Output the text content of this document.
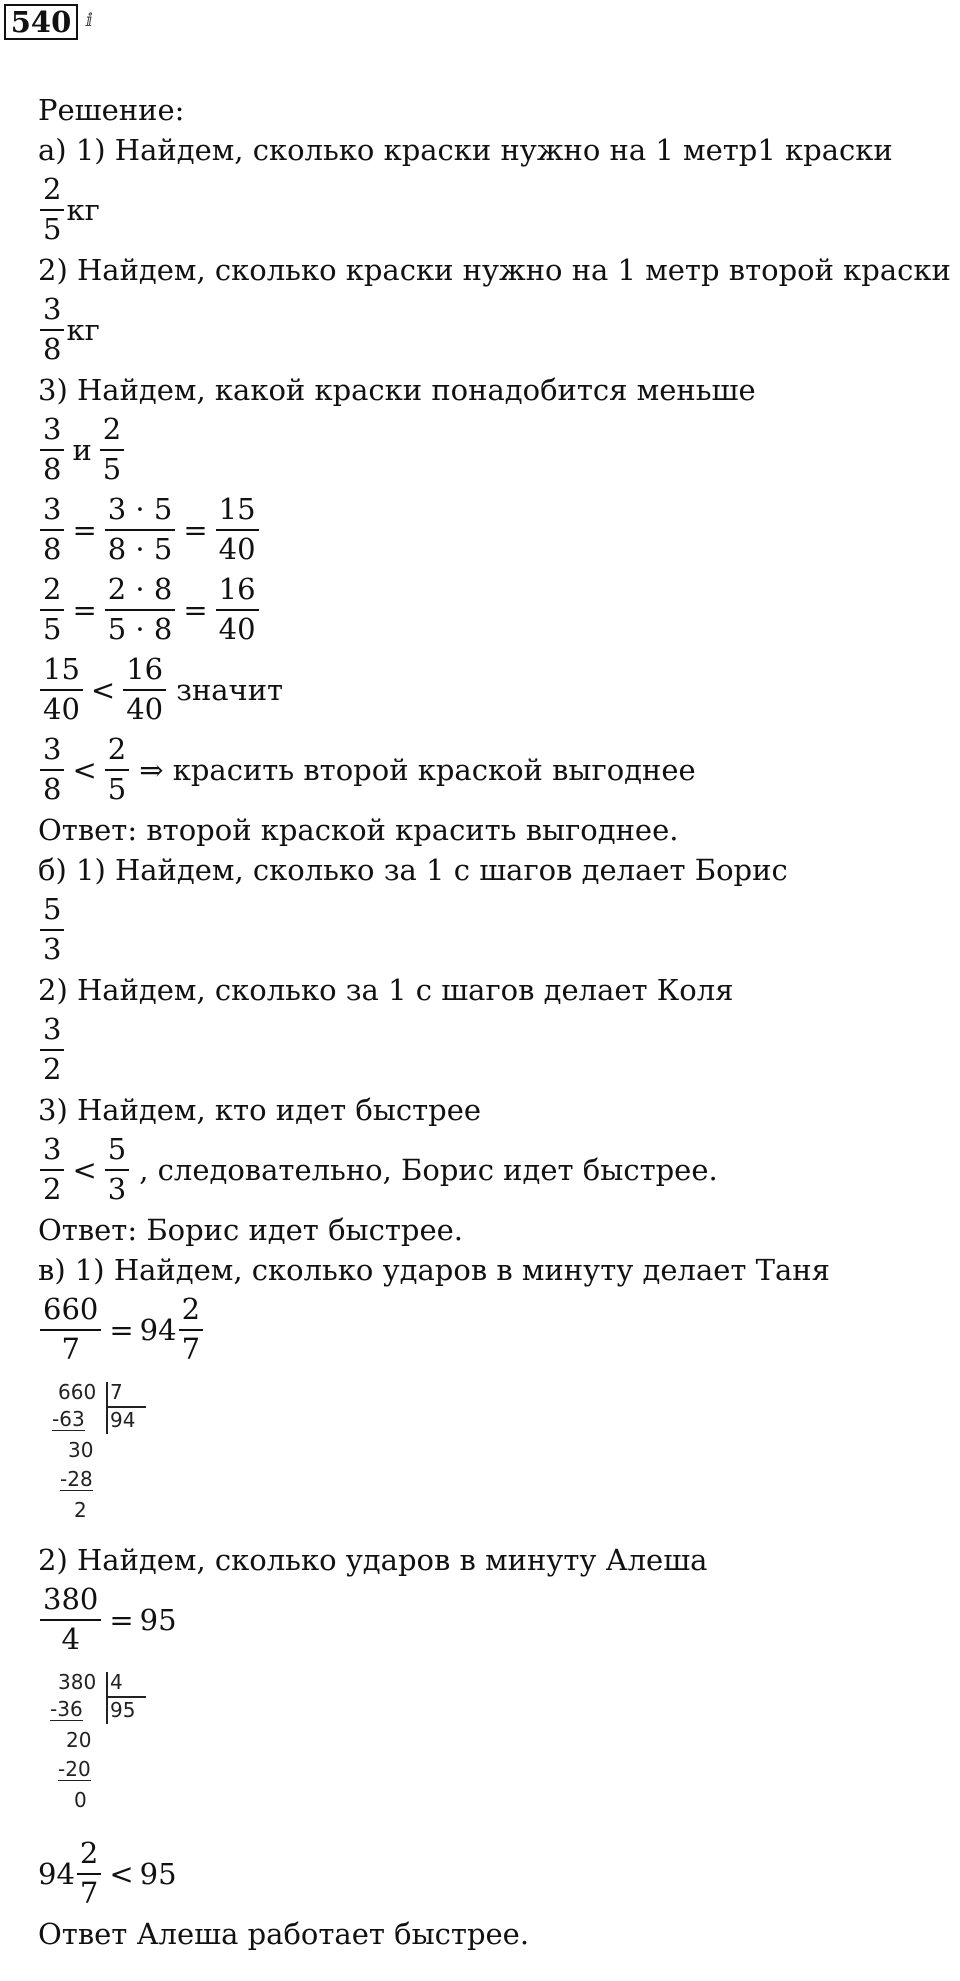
540 ⅈ
Решение:
а) 1) Найдем, сколько краски нужно на 1 метр1 краски
$\frac{2}{5}$ кг
2) Найдем, сколько краски нужно на 1 метр второй краски
$\frac{3}{8}$ кг
3) Найдем, какой краски понадобится меньше
$\frac{3}{8}$ и $\frac{2}{5}$
$\frac{3}{8} = \frac{3 \cdot 5}{8 \cdot 5} = \frac{15}{40}$
$\frac{2}{5} = \frac{2 \cdot 8}{5 \cdot 8} = \frac{16}{40}$
$\frac{15}{40} < \frac{16}{40}$ значит
$\frac{3}{8} < \frac{2}{5}$ ⇒ красить второй краской выгоднее
Ответ: второй краской красить выгоднее.
б) 1) Найдем, сколько за 1 с шагов делает Борис
$\frac{5}{3}$
2) Найдем, сколько за 1 с шагов делает Коля
$\frac{3}{2}$
3) Найдем, кто идет быстрее
$\frac{3}{2} < \frac{5}{3}$ , следовательно, Борис идет быстрее.
Ответ: Борис идет быстрее.
в) 1) Найдем, сколько ударов в минуту делает Таня
$\frac{660}{7} = 94 \frac{2}{7}$
660 7
94
-63
30
-28
2
2) Найдем, сколько ударов в минуту Алеша
$\frac{380}{4} = 95$
380 4
95
-36
20
-20
0
$94 \frac{2}{7} < 95$
Ответ Алеша работает быстрее.
